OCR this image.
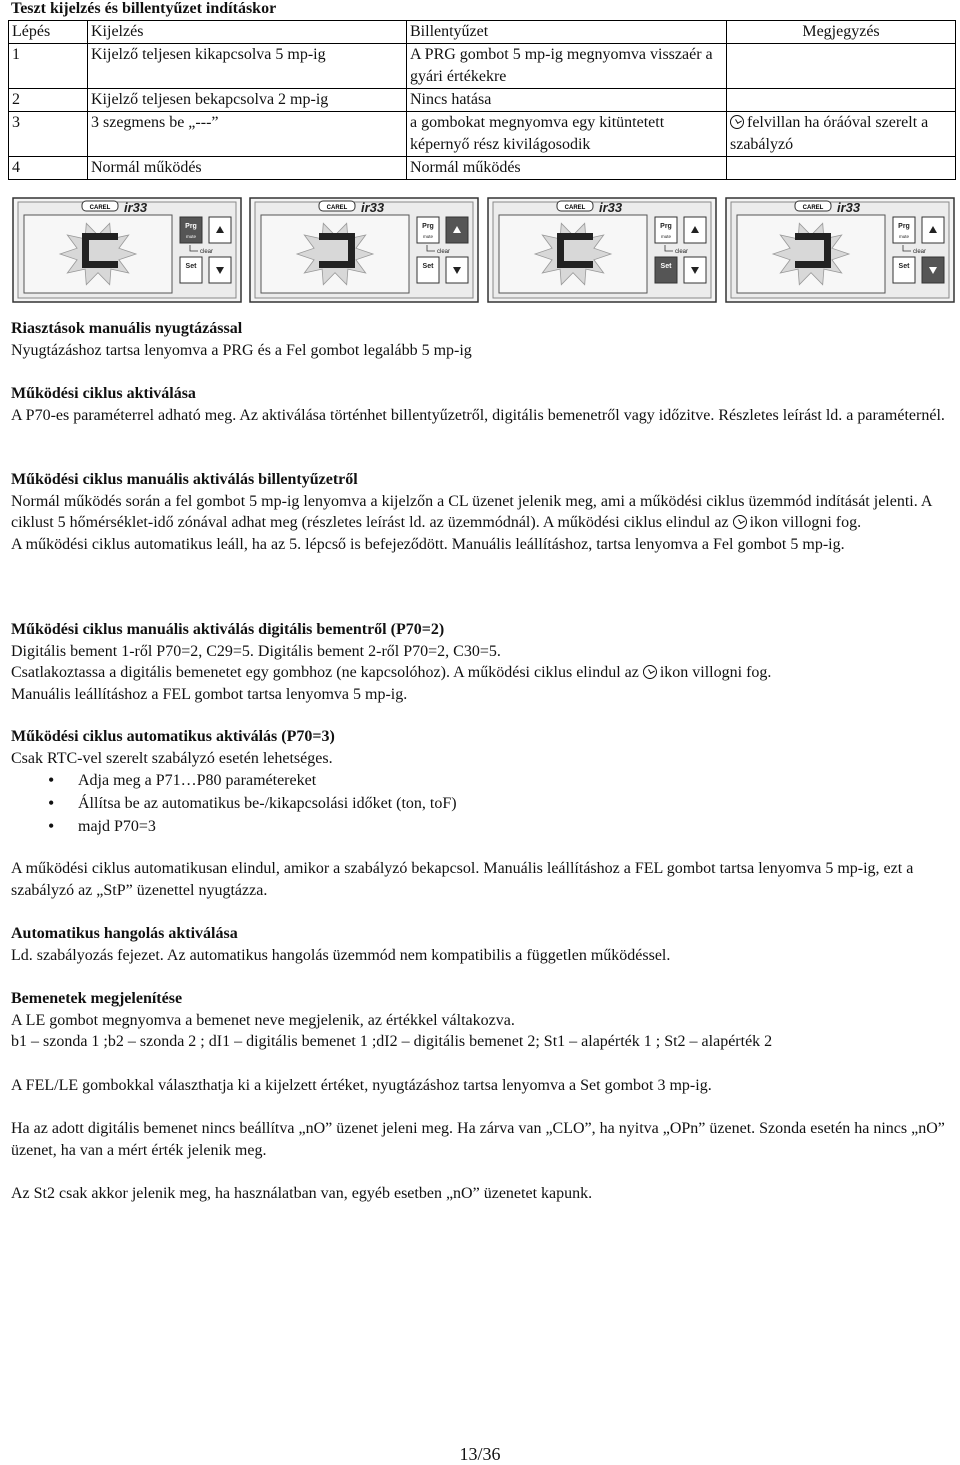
Teszt kijelzés és billentyűzet indításkor
Lépés	Kijelzés	Billentyűzet	Megjegyzés
1	Kijelző teljesen kikapcsolva 5 mp-ig	A PRG gombot 5 mp-ig megnyomva visszaér a gyári értékekre	
2	Kijelző teljesen bekapcsolva 2 mp-ig	Nincs hatása	
3	3 szegmens be „---”	a gombokat megnyomva egy kitüntetett képernyő rész kivilágosodik	felvillan ha óráóval szerelt a szabályzó
4	Normál működés	Normál működés	
CAREL ir33
Prg
mute
Set
clear
CAREL ir33
Prg
mute
Set
clear
CAREL ir33
Prg
mute
Set
clear
CAREL ir33
Prg
mute
Set
clear
Riasztások manuális nyugtázással

Nyugtázáshoz tartsa lenyomva a PRG és a Fel gombot legalább 5 mp-ig

Működési ciklus aktiválása

A P70-es paraméterrel adható meg. Az aktiválása történhet billentyűzetről, digitális bemenetről vagy időzitve. Részletes leírást ld. a paraméternél.

Működési ciklus manuális aktiválás billentyűzetről

Normál működés során a fel gombot 5 mp-ig lenyomva a kijelzőn a CL üzenet jelenik meg, ami a működési ciklus üzemmód indítását jelenti. A ciklust 5 hőmérséklet-idő zónával adhat meg (részletes leírást ld. az üzemmódnál). A működési ciklus elindul az ikon villogni fog.

A működési ciklus automatikus leáll, ha az 5. lépcső is befejeződött. Manuális leállításhoz, tartsa lenyomva a Fel gombot 5 mp-ig.

Működési ciklus manuális aktiválás digitális bementről (P70=2)

Digitális bement 1-ről P70=2, C29=5. Digitális bement 2-ről P70=2, C30=5.

Csatlakoztassa a digitális bemenetet egy gombhoz (ne kapcsolóhoz). A működési ciklus elindul az ikon villogni fog.

Manuális leállításhoz a FEL gombot tartsa lenyomva 5 mp-ig.

Működési ciklus automatikus aktiválás (P70=3)

Csak RTC-vel szerelt szabályzó esetén lehetséges.

• Adja meg a P71…P80 paramétereket
• Állítsa be az automatikus be-/kikapcsolási időket (ton, toF)
• majd P70=3

A működési ciklus automatikusan elindul, amikor a szabályzó bekapcsol. Manuális leállításhoz a FEL gombot tartsa lenyomva 5 mp-ig, ezt a szabályzó az „StP” üzenettel nyugtázza.

Automatikus hangolás aktiválása

Ld. szabályozás fejezet. Az automatikus hangolás üzemmód nem kompatibilis a független működéssel.

Bemenetek megjelenítése

A LE gombot megnyomva a bemenet neve megjelenik, az értékkel váltakozva.

b1 – szonda 1 ;b2 – szonda 2 ; dI1 – digitális bemenet 1 ;dI2 – digitális bemenet 2; St1 – alapérték 1 ; St2 – alapérték 2

A FEL/LE gombokkal választhatja ki a kijelzett értéket, nyugtázáshoz tartsa lenyomva a Set gombot 3 mp-ig.

Ha az adott digitális bemenet nincs beállítva „nO” üzenet jeleni meg. Ha zárva van „CLO”, ha nyitva „OPn” üzenet. Szonda esetén ha nincs „nO” üzenet, ha van a mért érték jelenik meg.

Az St2 csak akkor jelenik meg, ha használatban van, egyéb esetben „nO” üzenetet kapunk.

13/36
